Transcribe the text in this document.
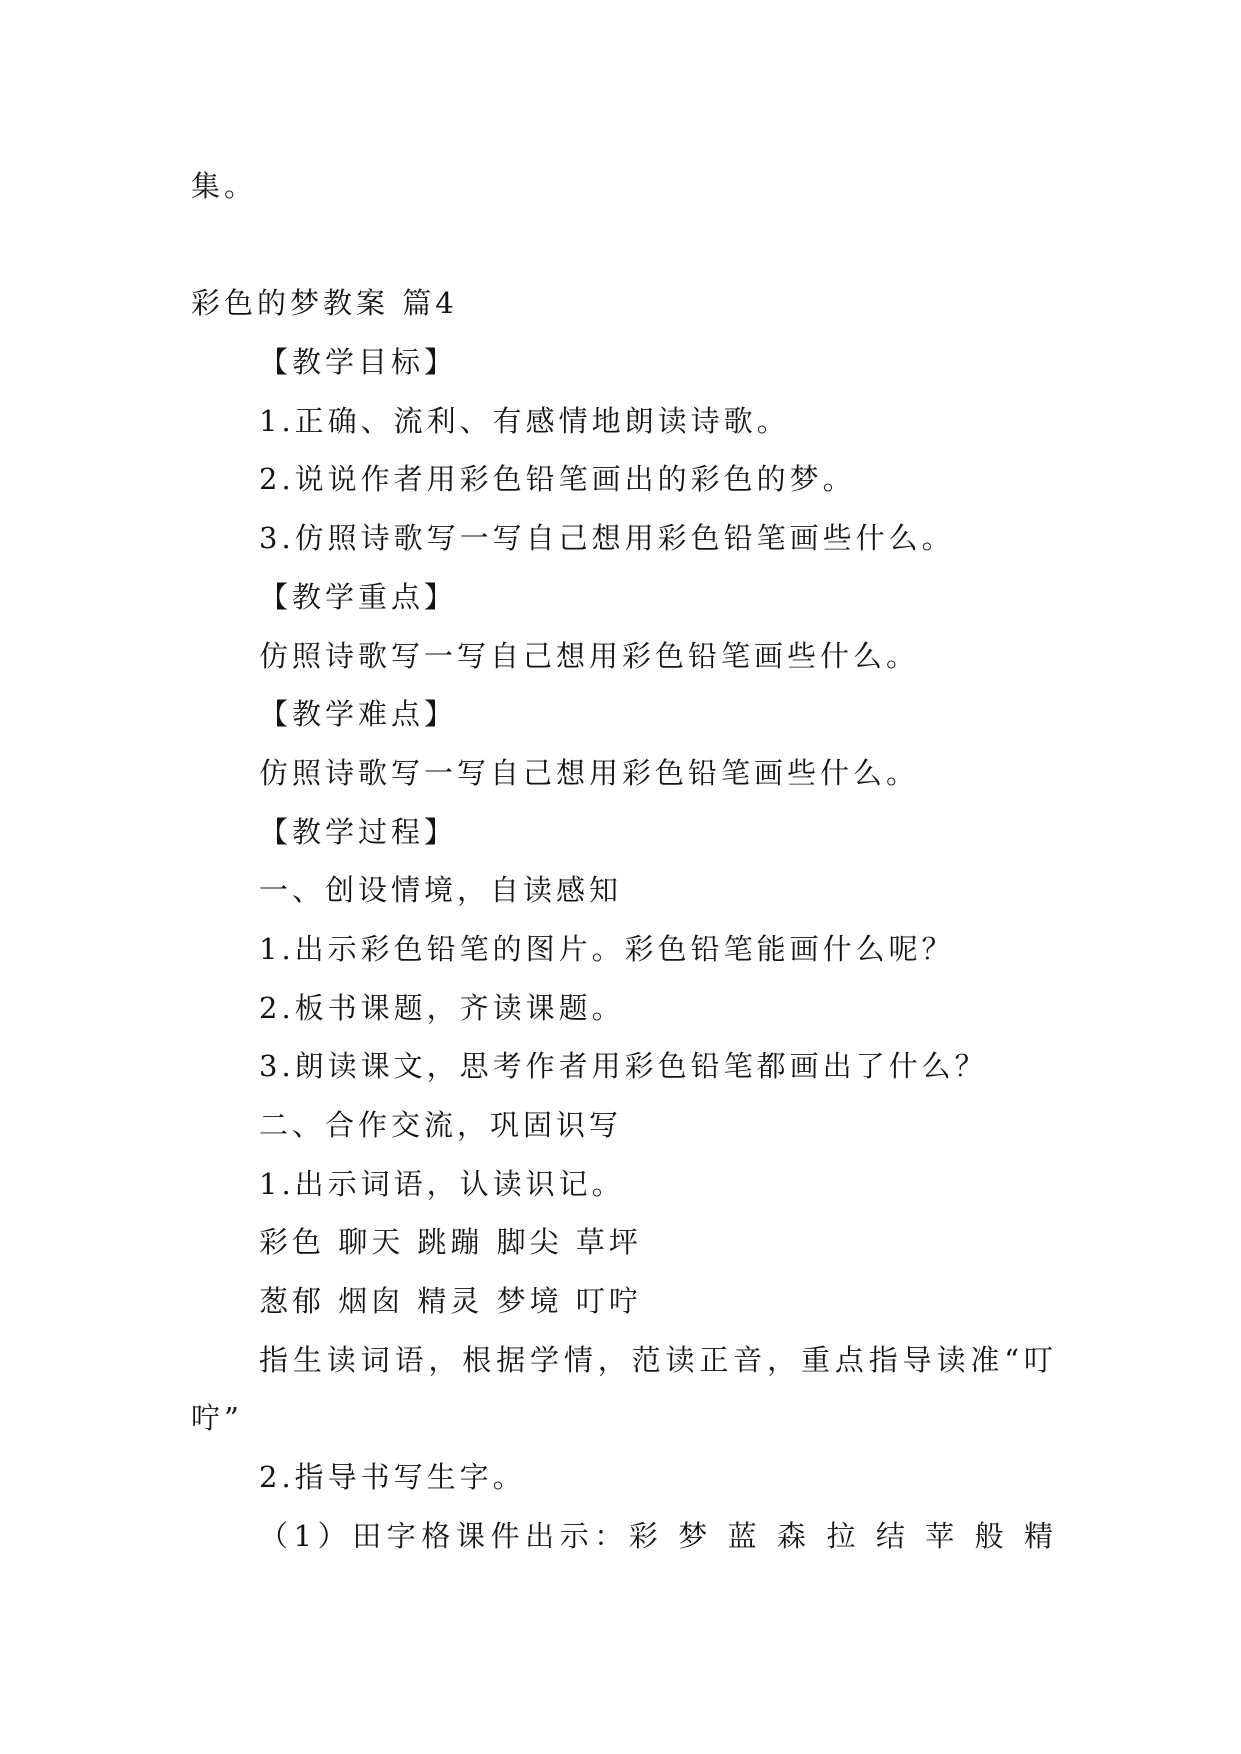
集。
彩色的梦教案 篇4
【教学目标】
1.正确、流利、有感情地朗读诗歌。
2.说说作者用彩色铅笔画出的彩色的梦。
3.仿照诗歌写一写自己想用彩色铅笔画些什么。
【教学重点】
仿照诗歌写一写自己想用彩色铅笔画些什么。
【教学难点】
仿照诗歌写一写自己想用彩色铅笔画些什么。
【教学过程】
一、创设情境，自读感知
1.出示彩色铅笔的图片。彩色铅笔能画什么呢？
2.板书课题，齐读课题。
3.朗读课文，思考作者用彩色铅笔都画出了什么？
二、合作交流，巩固识写
1.出示词语，认读识记。
彩色 聊天 跳蹦 脚尖 草坪
葱郁 烟囱 精灵 梦境 叮咛
指生读词语，根据学情，范读正音，重点指导读准“叮
咛”
2.指导书写生字。
（1）田字格课件出示：彩 梦 蓝 森 拉 结 苹 般 精
